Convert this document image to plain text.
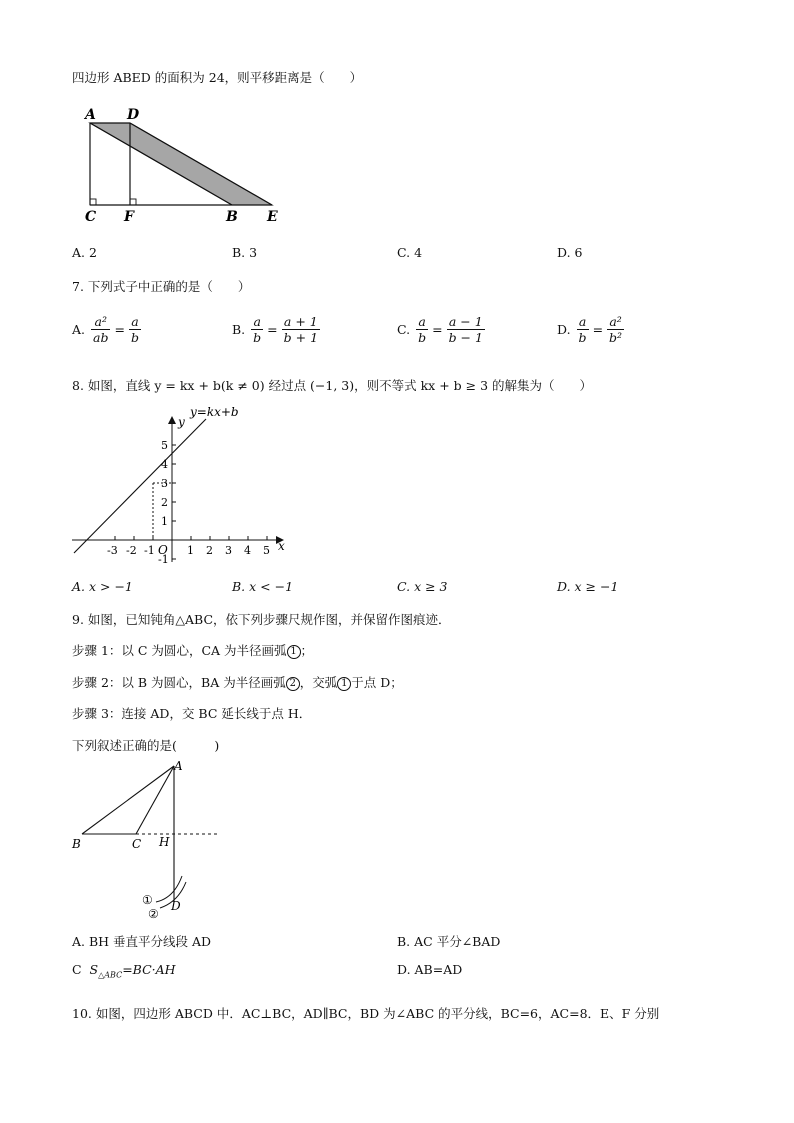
四边形 ABED 的面积为 24，则平移距离是（　　）
A D
C F	B E
A. 2	B. 3	C. 4	D. 6
7. 下列式子中正确的是（　　）
A. $\frac{\text{a²}}{ab} = \frac{a}{b}$	B. $\frac{a}{b} = \frac{a + 1}{b + 1}$	C. $\frac{a}{b} = \frac{a - 1}{b - 1}$	D. $\frac{a}{b} = \frac{\text{a²}}{\text{b²}}$
8. 如图，直线 y = kx + b(k ≠ 0) 经过点 (−1, 3)，则不等式 kx + b ≥ 3 的解集为（　　）
y=kx+b
y
x
O
-3 -2 -1	1 2 3 4 5
5
4
3
2
1
-1
A. x > −1	B. x < −1	C. x ≥ 3	D. x ≥ −1
9. 如图，已知钝角△ABC，依下列步骤尺规作图，并保留作图痕迹．
步骤 1：以 C 为圆心，CA 为半径画弧 1 ；
步骤 2：以 B 为圆心，BA 为半径画弧 2 ，交弧 1 于点 D；
步骤 3：连接 AD，交 BC 延长线于点 H．
下列叙述正确的是(　　　)
A
B	C H
D
①
②
A. BH 垂直平分线段 AD	B. AC 平分∠BAD
C $S_{\triangle ABC}=BC\cdot AH$	D. AB=AD
10. 如图，四边形 ABCD 中．AC⊥BC，AD∥BC，BD 为∠ABC 的平分线，BC=6，AC=8．E、F 分别
